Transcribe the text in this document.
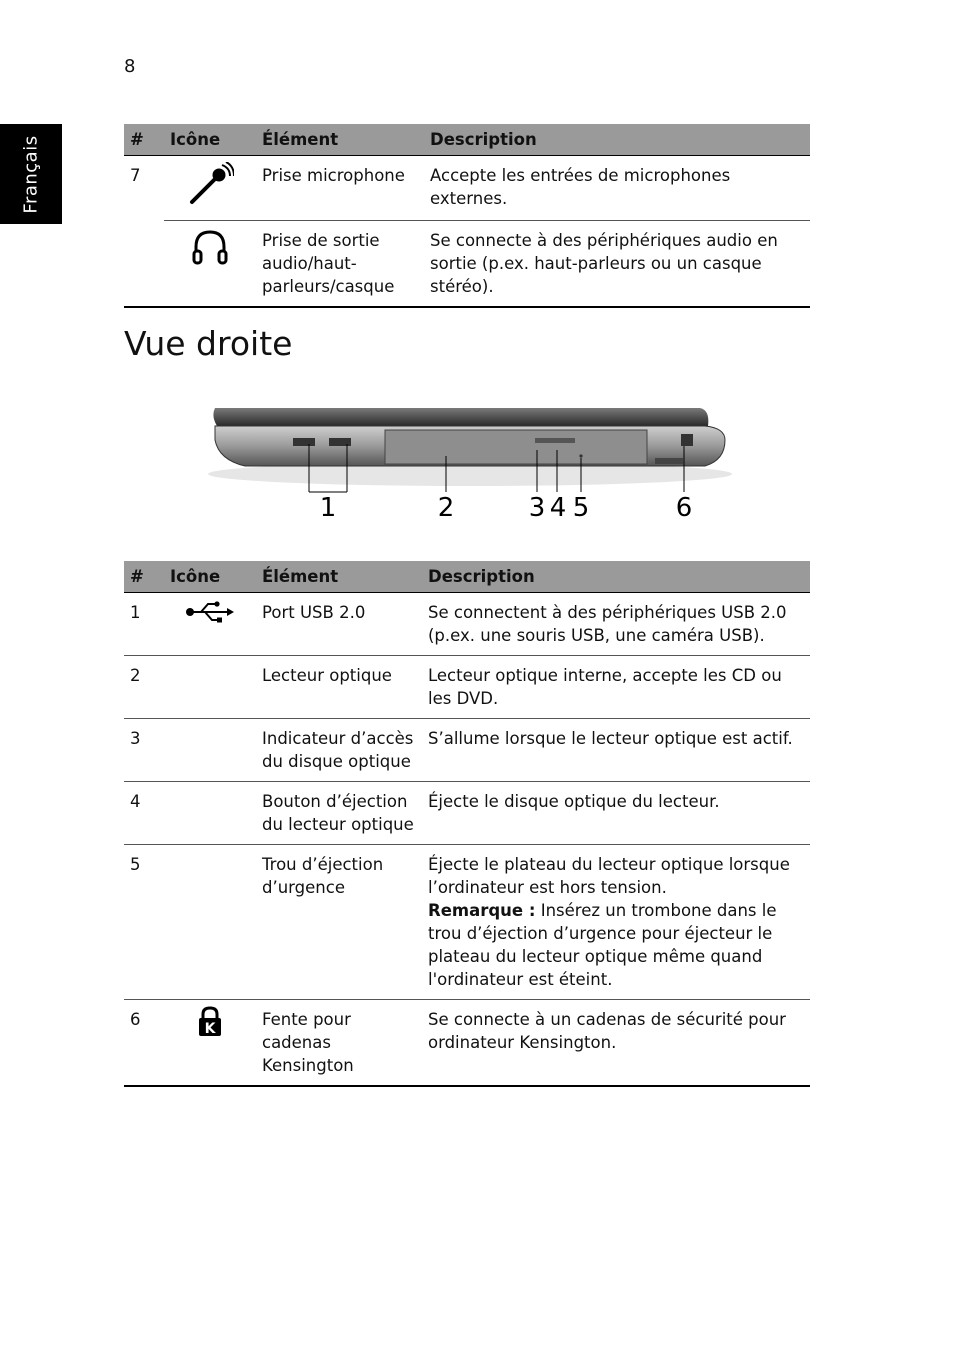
8
Français	#	Icône	Élément	Description
7		Prise microphone	Accepte les entrées de microphones externes.
		Prise de sortie audio/haut-parleurs/casque	Se connecte à des périphériques audio en sortie (p.ex. haut-parleurs ou un casque stéréo).
Vue droite
1	2	3 4 5	6
#	Icône	Élément	Description
1		Port USB 2.0	Se connectent à des périphériques USB 2.0 (p.ex. une souris USB, une caméra USB).
2		Lecteur optique	Lecteur optique interne, accepte les CD ou les DVD.
3		Indicateur d’accès du disque optique	S’allume lorsque le lecteur optique est actif.
4		Bouton d’éjection du lecteur optique	Éjecte le disque optique du lecteur.
5		Trou d’éjection d’urgence	Éjecte le plateau du lecteur optique lorsque l’ordinateur est hors tension.
Remarque : Insérez un trombone dans le trou d’éjection d’urgence pour éjecteur le plateau du lecteur optique même quand l'ordinateur est éteint.

6	K	Fente pour cadenas Kensington	Se connecte à un cadenas de sécurité pour ordinateur Kensington.
